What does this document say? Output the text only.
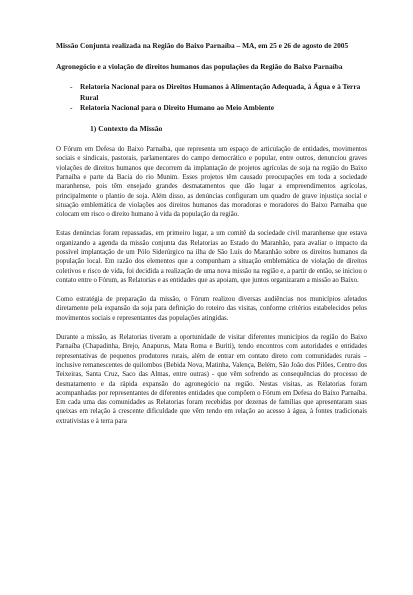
Missão Conjunta realizada na Região do Baixo Parnaíba – MA, em 25 e 26 de agosto de 2005
Agronegócio e a violação de direitos humanos das populações da Região do Baixo Parnaíba
- Relatoria Nacional para os Direitos Humanos à Alimentação Adequada, à Água e à Terra Rural
- Relatoria Nacional para o Direito Humano ao Meio Ambiente
1) Contexto da Missão

O Fórum em Defesa do Baixo Parnaíba, que representa um espaço de articulação de entidades, movimentos sociais e sindicais, pastorais, parlamentares do campo democrático e popular, entre outros, denunciou graves violações de direitos humanos que decorrem da implantação de projetos agrícolas de soja na região do Baixo Parnaíba e parte da Bacia do rio Munim. Esses projetos têm causado preocupações em toda a sociedade maranhense, pois têm ensejado grandes desmatamentos que dão lugar a empreendimentos agrícolas, principalmente o plantio de soja. Além disso, as denúncias configuram um quadro de grave injustiça social e situação emblemática de violações aos direitos humanos das moradoras e moradores do Baixo Parnaíba que colocam em risco o direito humano à vida da população da região.

Estas denúncias foram repassadas, em primeiro lugar, a um comitê da sociedade civil maranhense que estava organizando a agenda da missão conjunta das Relatorias ao Estado do Maranhão, para avaliar o impacto da possível implantação de um Pólo Siderúrgico na ilha de São Luís do Maranhão sobre os direitos humanos da população local. Em razão dos elementos que a compunham a situação emblemática de violação de direitos coletivos e risco de vida, foi decidida a realização de uma nova missão na região e, a partir de então, se iniciou o contato entre o Fórum, as Relatorias e as entidades que as apoiam, que juntos organizaram a missão ao Baixo.

Como estratégia de preparação da missão, o Fórum realizou diversas audiências nos municípios afetados diretamente pela expansão da soja para definição do roteiro das visitas, conforme critérios estabelecidos pelos movimentos sociais e representantes das populações atingidas.

Durante a missão, as Relatorias tiveram a oportunidade de visitar diferentes municípios da região do Baixo Parnaíba (Chapadinha, Brejo, Anapurus, Mata Roma e Buriti), tendo encontros com autoridades e entidades representativas de pequenos produtores rurais, além de entrar em contato direto com comunidades rurais – inclusive remanescentes de quilombos (Bebida Nova, Matinha, Valença, Belém, São João dos Pilões, Centro dos Teixeiras, Santa Cruz, Saco das Almas, entre outras) - que vêm sofrendo as consequências do processo de desmatamento e da rápida expansão do agronegócio na região. Nestas visitas, as Relatorias foram acompanhadas por representantes de diferentes entidades que compõem o Fórum em Defesa do Baixo Parnaíba. Em cada uma das comunidades as Relatorias foram recebidas por dezenas de famílias que apresentaram suas queixas em relação à crescente dificuldade que vêm tendo em relação ao acesso à água, à fontes tradicionais extrativistas e à terra para
